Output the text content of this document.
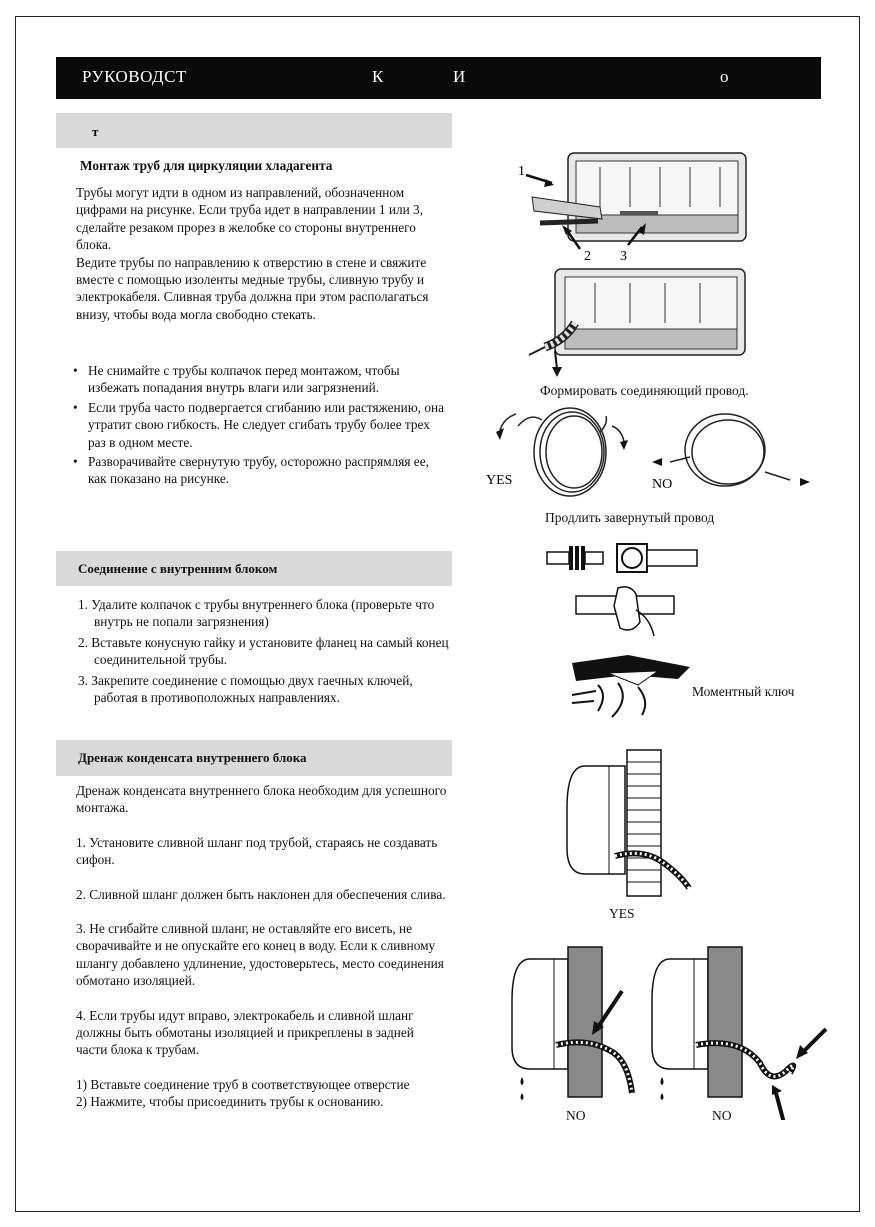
РУКОВОДСТ	К	И	о
т
Монтаж труб для циркуляции хладагента

Трубы могут идти в одном из направлений, обозначенном цифрами на рисунке. Если труба идет в направлении 1 или 3, сделайте резаком прорез в желобке со стороны внутреннего блока.

Ведите трубы по направлению к отверстию в стене и свяжите вместе с помощью изоленты медные трубы, сливную трубу и электрокабеля. Сливная труба должна при этом располагаться внизу, чтобы вода могла свободно стекать.

• Не снимайте с трубы колпачок перед монтажом, чтобы избежать попадания внутрь влаги или загрязнений.
• Если труба часто подвергается сгибанию или растяжению, она утратит свою гибкость. Не следует сгибать трубу более трех раз в одном месте.
• Разворачивайте свернутую трубу, осторожно распрямляя ее, как показано на рисунке.
Соединение с внутренним блоком
1. Удалите колпачок с трубы внутреннего блока (проверьте что внутрь не попали загрязнения)
2. Вставьте конусную гайку и установите фланец на самый конец соединительной трубы.
3. Закрепите соединение с помощью двух гаечных ключей, работая в противоположных направлениях.
Дренаж конденсата внутреннего блока

Дренаж конденсата внутреннего блока необходим для успешного монтажа.

1. Установите сливной шланг под трубой, стараясь не создавать сифон.

2. Сливной шланг должен быть наклонен для обеспечения слива.

3. Не сгибайте сливной шланг, не оставляйте его висеть, не сворачивайте и не опускайте его конец в воду. Если к сливному шлангу добавлено удлинение, удостоверьтесь, место соединения обмотано изоляцией.

4. Если трубы идут вправо, электрокабель и сливной шланг должны быть обмотаны изоляцией и прикреплены в задней части блока к трубам.

1) Вставьте соединение труб в соответствующее отверстие

2) Нажмите, чтобы присоединить трубы к основанию.

1
2 3
Формировать соединяющий провод.
YES	NO
Продлить завернутый провод
Моментный ключ
YES
NO	NO
